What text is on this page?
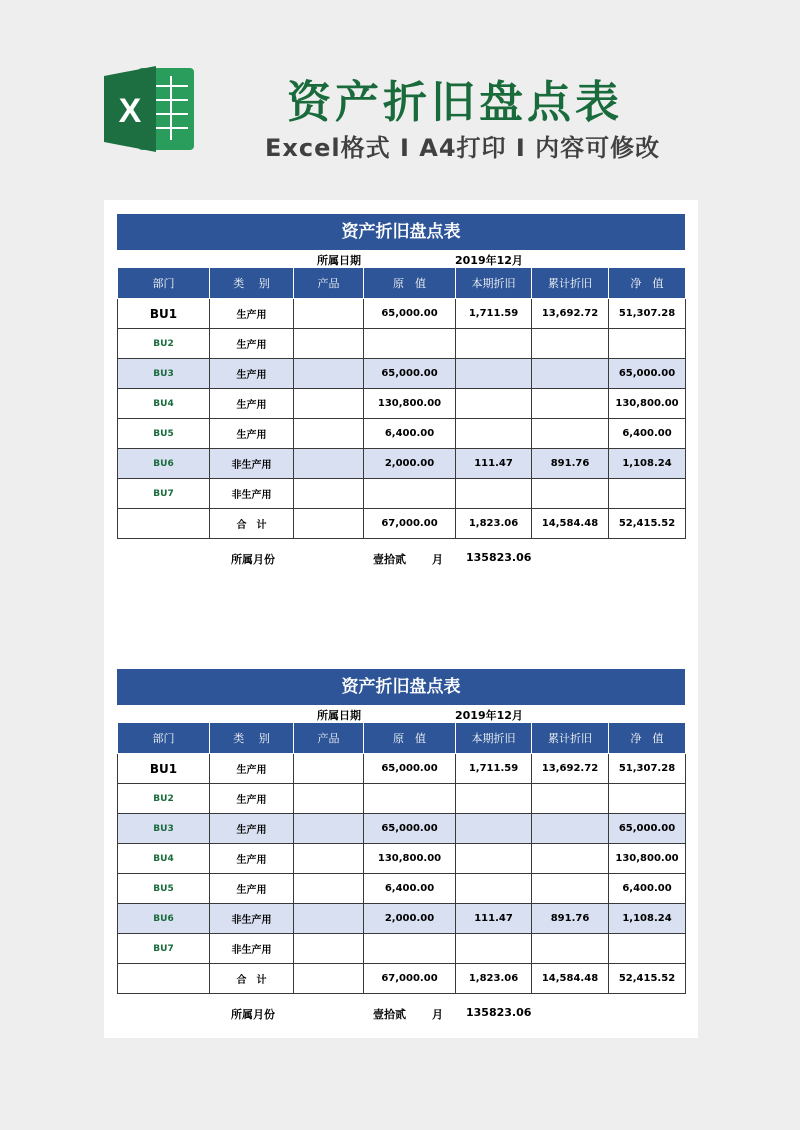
X	资产折旧盘点表
Excel格式 I A4打印 I 内容可修改
资产折旧盘点表
所属日期	2019年12月
部门	类　 别	产品	原　值	本期折旧	累计折旧	净　值
BU1	生产用		65,000.00	1,711.59	13,692.72	51,307.28
BU2	生产用					
BU3	生产用		65,000.00			65,000.00
BU4	生产用		130,800.00			130,800.00
BU5	生产用		6,400.00			6,400.00
BU6	非生产用		2,000.00	111.47	891.76	1,108.24
BU7	非生产用					
	合　计		67,000.00	1,823.06	14,584.48	52,415.52
所属月份	壹拾贰 月 135823.06
资产折旧盘点表
所属日期	2019年12月
部门	类　 别	产品	原　值	本期折旧	累计折旧	净　值
BU1	生产用		65,000.00	1,711.59	13,692.72	51,307.28
BU2	生产用					
BU3	生产用		65,000.00			65,000.00
BU4	生产用		130,800.00			130,800.00
BU5	生产用		6,400.00			6,400.00
BU6	非生产用		2,000.00	111.47	891.76	1,108.24
BU7	非生产用					
	合　计		67,000.00	1,823.06	14,584.48	52,415.52
所属月份	壹拾贰 月 135823.06
